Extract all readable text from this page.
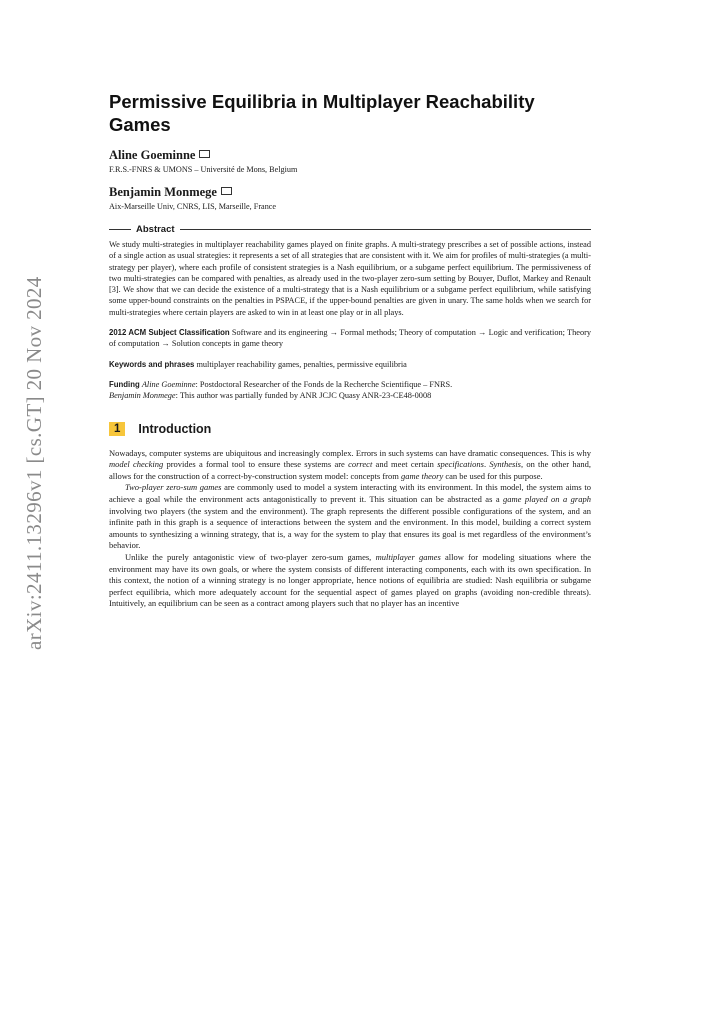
arXiv:2411.13296v1 [cs.GT] 20 Nov 2024
Permissive Equilibria in Multiplayer Reachability Games
Aline Goeminne
F.R.S.-FNRS & UMONS – Université de Mons, Belgium
Benjamin Monmege
Aix-Marseille Univ, CNRS, LIS, Marseille, France
Abstract

We study multi-strategies in multiplayer reachability games played on finite graphs. A multi-strategy prescribes a set of possible actions, instead of a single action as usual strategies: it represents a set of all strategies that are consistent with it. We aim for profiles of multi-strategies (a multi-strategy per player), where each profile of consistent strategies is a Nash equilibrium, or a subgame perfect equilibrium. The permissiveness of two multi-strategies can be compared with penalties, as already used in the two-player zero-sum setting by Bouyer, Duflot, Markey and Renault [3]. We show that we can decide the existence of a multi-strategy that is a Nash equilibrium or a subgame perfect equilibrium, while satisfying some upper-bound constraints on the penalties in PSPACE, if the upper-bound penalties are given in unary. The same holds when we search for multi-strategies where certain players are asked to win in at least one play or in all plays.

2012 ACM Subject Classification Software and its engineering → Formal methods; Theory of computation → Logic and verification; Theory of computation → Solution concepts in game theory

Keywords and phrases multiplayer reachability games, penalties, permissive equilibria

Funding Aline Goeminne: Postdoctoral Researcher of the Fonds de la Recherche Scientifique – FNRS.
Benjamin Monmege: This author was partially funded by ANR JCJC Quasy ANR-23-CE48-0008

1	Introduction

Nowadays, computer systems are ubiquitous and increasingly complex. Errors in such systems can have dramatic consequences. This is why model checking provides a formal tool to ensure these systems are correct and meet certain specifications. Synthesis, on the other hand, allows for the construction of a correct-by-construction system model: concepts from game theory can be used for this purpose.

Two-player zero-sum games are commonly used to model a system interacting with its environment. In this model, the system aims to achieve a goal while the environment acts antagonistically to prevent it. This situation can be abstracted as a game played on a graph involving two players (the system and the environment). The graph represents the different possible configurations of the system, and an infinite path in this graph is a sequence of interactions between the system and the environment. In this model, building a correct system amounts to synthesizing a winning strategy, that is, a way for the system to play that ensures its goal is met regardless of the environment’s behavior.

Unlike the purely antagonistic view of two-player zero-sum games, multiplayer games allow for modeling situations where the environment may have its own goals, or where the system consists of different interacting components, each with its own specification. In this context, the notion of a winning strategy is no longer appropriate, hence notions of equilibria are studied: Nash equilibria or subgame perfect equilibria, which more adequately account for the sequential aspect of games played on graphs (avoiding non-credible threats). Intuitively, an equilibrium can be seen as a contract among players such that no player has an incentive
